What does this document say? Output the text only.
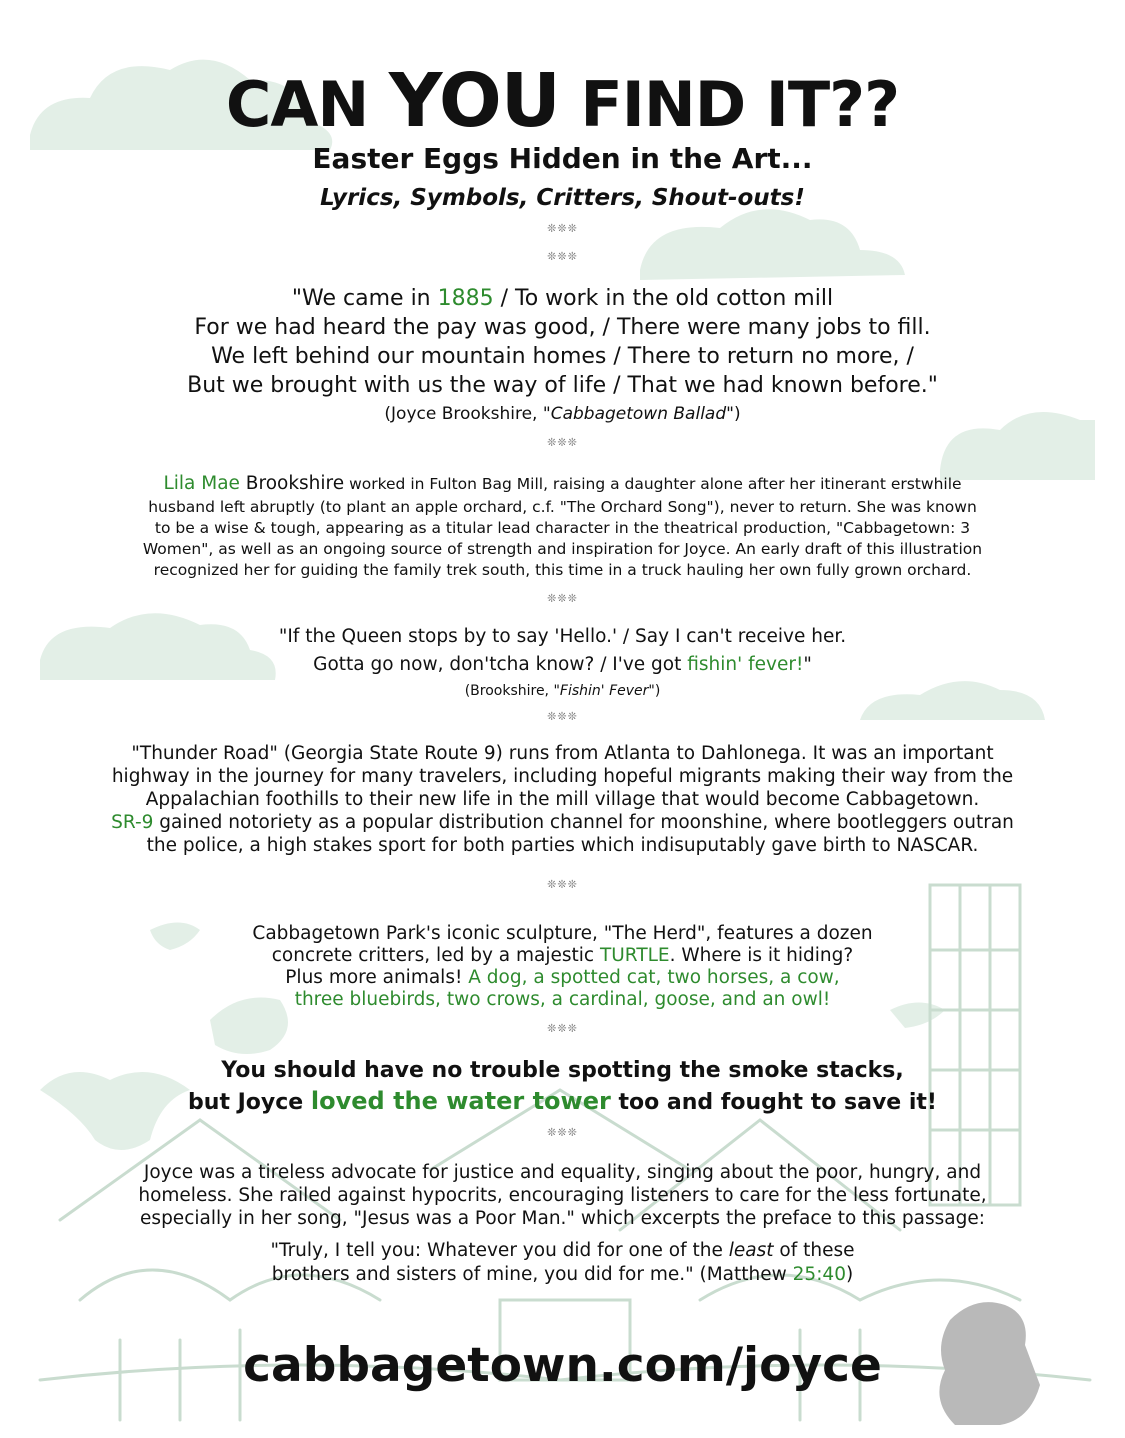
CAN YOU FIND IT??
Easter Eggs Hidden in the Art...
Lyrics, Symbols, Critters, Shout-outs!
❊❊❊
❊❊❊
"We came in 1885 / To work in the old cotton mill
For we had heard the pay was good, / There were many jobs to fill.
We left behind our mountain homes / There to return no more, /
But we brought with us the way of life / That we had known before."
(Joyce Brookshire, "Cabbagetown Ballad")
❊❊❊
Lila Mae Brookshire worked in Fulton Bag Mill, raising a daughter alone after her itinerant erstwhile
husband left abruptly (to plant an apple orchard, c.f. "The Orchard Song"), never to return. She was known
to be a wise & tough, appearing as a titular lead character in the theatrical production, "Cabbagetown: 3
Women", as well as an ongoing source of strength and inspiration for Joyce. An early draft of this illustration
recognized her for guiding the family trek south, this time in a truck hauling her own fully grown orchard.
❊❊❊
"If the Queen stops by to say 'Hello.' / Say I can't receive her.
Gotta go now, don'tcha know? / I've got fishin' fever!"
(Brookshire, "Fishin' Fever")
❊❊❊
"Thunder Road" (Georgia State Route 9) runs from Atlanta to Dahlonega. It was an important
highway in the journey for many travelers, including hopeful migrants making their way from the
Appalachian foothills to their new life in the mill village that would become Cabbagetown.
SR-9 gained notoriety as a popular distribution channel for moonshine, where bootleggers outran
the police, a high stakes sport for both parties which indisuputably gave birth to NASCAR.
❊❊❊
Cabbagetown Park's iconic sculpture, "The Herd", features a dozen
concrete critters, led by a majestic TURTLE. Where is it hiding?
Plus more animals! A dog, a spotted cat, two horses, a cow,
three bluebirds, two crows, a cardinal, goose, and an owl!
❊❊❊
You should have no trouble spotting the smoke stacks,
but Joyce loved the water tower too and fought to save it!
❊❊❊
Joyce was a tireless advocate for justice and equality, singing about the poor, hungry, and
homeless. She railed against hypocrits, encouraging listeners to care for the less fortunate,
especially in her song, "Jesus was a Poor Man." which excerpts the preface to this passage:
"Truly, I tell you: Whatever you did for one of the least of these
brothers and sisters of mine, you did for me." (Matthew 25:40)
cabbagetown.com/joyce
